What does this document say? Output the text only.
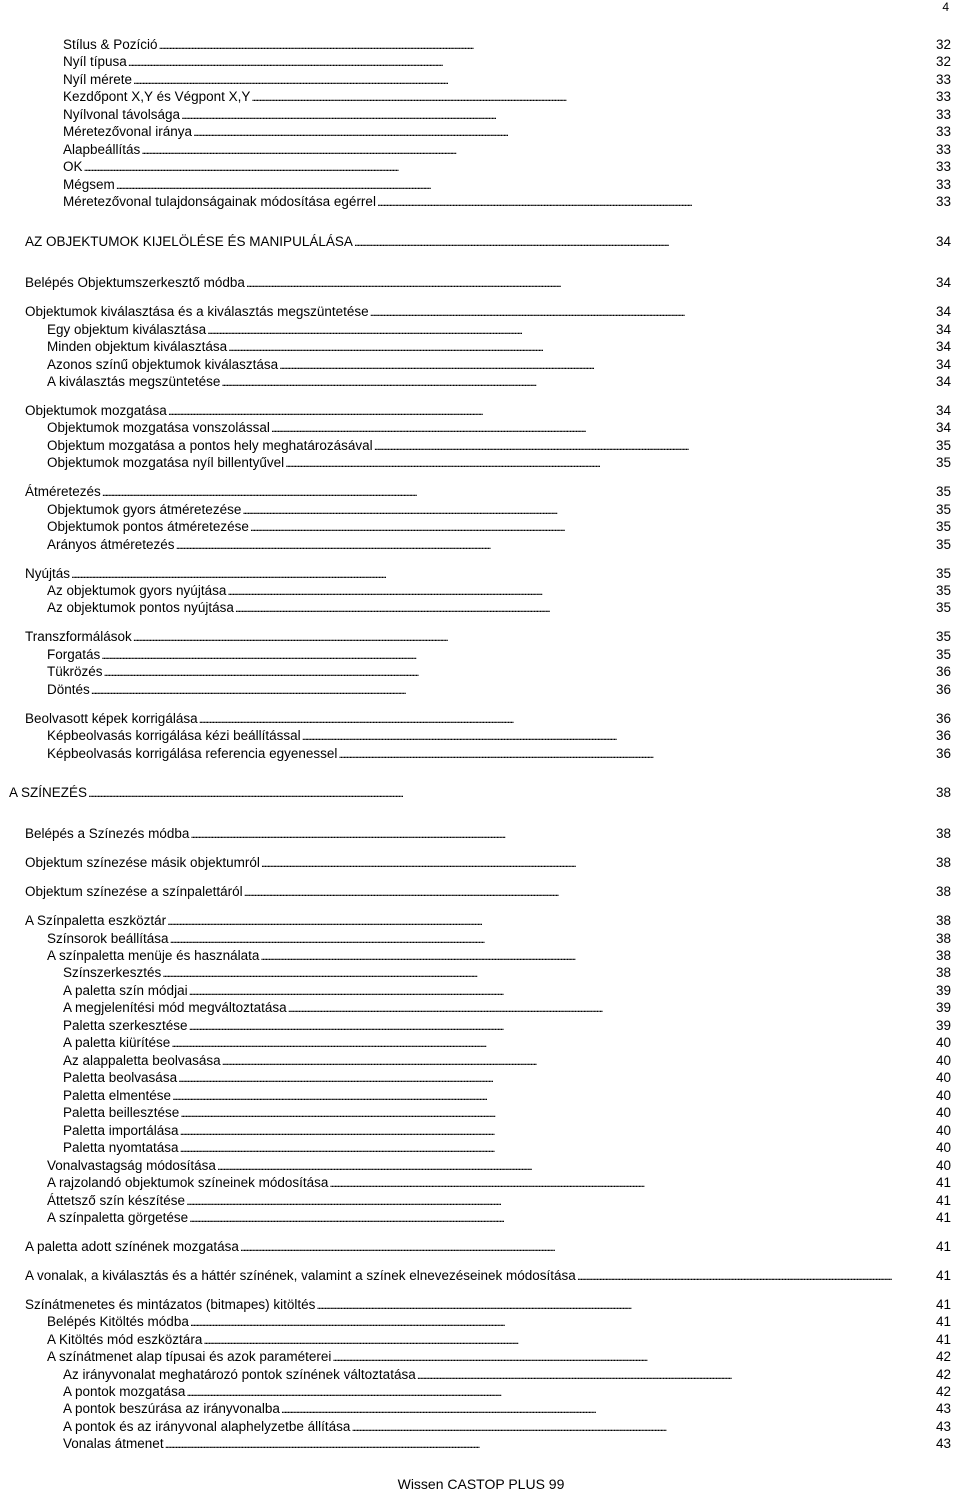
4
Stílus & Pozíció . . .	32
Nyíl típusa . . .	32
Nyíl mérete . . .	33
Kezdőpont X,Y és Végpont X,Y . . .	33
Nyílvonal távolsága . . .	33
Méretezővonal iránya . . .	33
Alapbeállítás . . .	33
OK . . .	33
Mégsem . . .	33
Méretezővonal tulajdonságainak módosítása egérrel . . .	33
AZ OBJEKTUMOK KIJELÖLÉSE ÉS MANIPULÁLÁSA . . .	34
Belépés Objektumszerkesztő módba . . .	34
Objektumok kiválasztása és a kiválasztás megszüntetése . . .	34
Egy objektum kiválasztása . . .	34
Minden objektum kiválasztása . . .	34
Azonos színű objektumok kiválasztása . . .	34
A kiválasztás megszüntetése . . .	34
Objektumok mozgatása . . .	34
Objektumok mozgatása vonszolással . . .	34
Objektum mozgatása a pontos hely meghatározásával . . .	35
Objektumok mozgatása nyíl billentyűvel . . .	35
Átméretezés . . .	35
Objektumok gyors átméretezése . . .	35
Objektumok pontos átméretezése . . .	35
Arányos átméretezés . . .	35
Nyújtás . . .	35
Az objektumok gyors nyújtása . . .	35
Az objektumok pontos nyújtása . . .	35
Transzformálások . . .	35
Forgatás . . .	35
Tükrözés . . .	36
Döntés . . .	36
Beolvasott képek korrigálása . . .	36
Képbeolvasás korrigálása kézi beállítással . . .	36
Képbeolvasás korrigálása referencia egyenessel . . .	36
A SZÍNEZÉS . . .	38
Belépés a Színezés módba . . .	38
Objektum színezése másik objektumról . . .	38
Objektum színezése a színpalettáról . . .	38
A Színpaletta eszköztár . . .	38
Színsorok beállítása . . .	38
A színpaletta menüje és használata . . .	38
Színszerkesztés . . .	38
A paletta szín módjai . . .	39
A megjelenítési mód megváltoztatása . . .	39
Paletta szerkesztése . . .	39
A paletta kiürítése . . .	40
Az alappaletta beolvasása . . .	40
Paletta beolvasása . . .	40
Paletta elmentése . . .	40
Paletta beillesztése . . .	40
Paletta importálása . . .	40
Paletta nyomtatása . . .	40
Vonalvastagság módosítása . . .	40
A rajzolandó objektumok színeinek módosítása . . .	41
Áttetsző szín készítése . . .	41
A színpaletta görgetése . . .	41
A paletta adott színének mozgatása . . .	41
A vonalak, a kiválasztás és a háttér színének, valamint a színek elnevezéseinek módosítása . . .	41
Színátmenetes és mintázatos (bitmapes) kitöltés . . .	41
Belépés Kitöltés módba . . .	41
A Kitöltés mód eszköztára . . .	41
A színátmenet alap típusai és azok paraméterei . . .	42
Az irányvonalat meghatározó pontok színének változtatása . . .	42
A pontok mozgatása . . .	42
A pontok beszúrása az irányvonalba . . .	43
A pontok és az irányvonal alaphelyzetbe állítása . . .	43
Vonalas átmenet . . .	43
Wissen CASTOP PLUS 99
